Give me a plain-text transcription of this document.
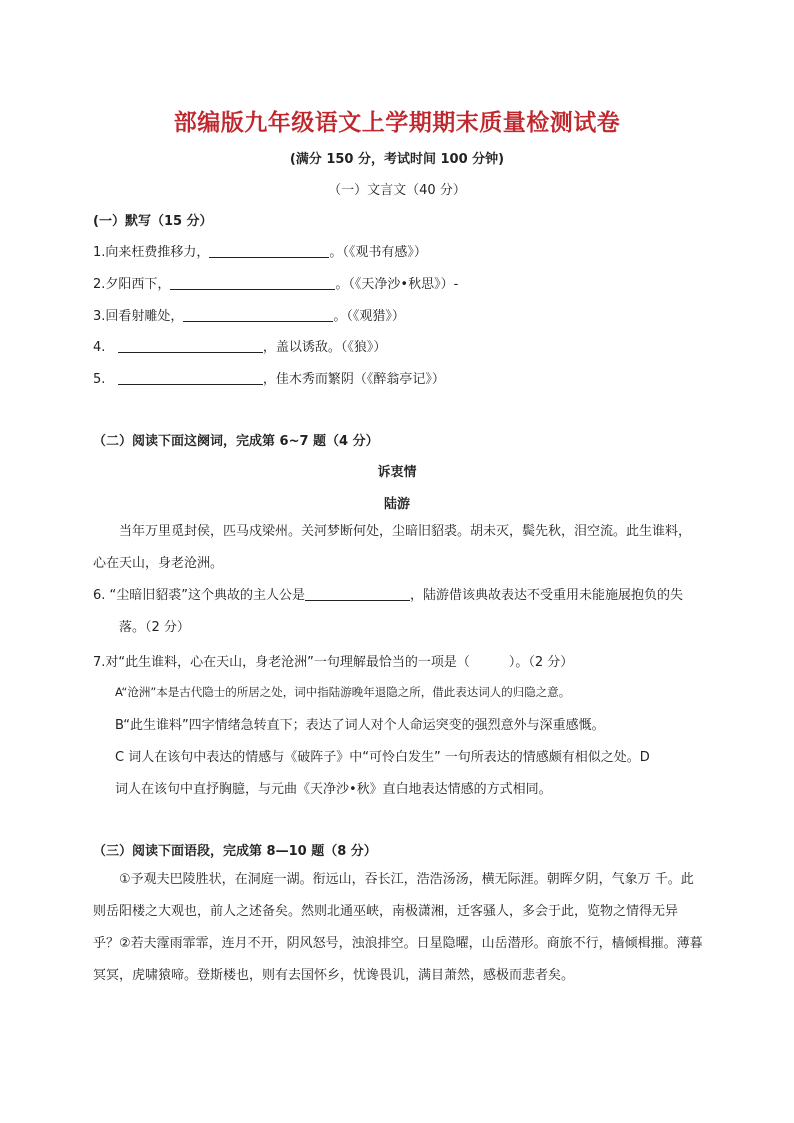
部编版九年级语文上学期期末质量检测试卷
(满分 150 分，考试时间 100 分钟)
（一）文言文（40 分）
(一）默写（15 分）
1.向来枉费推移力，	。（《观书有感》）
2.夕阳西下，	。（《天净沙•秋思》）-
3.回看射雕处，	。（《观猎》）
4.	，盖以诱敌。（《狼》）
5.	，佳木秀而繁阴（《醉翁亭记》）
（二）阅读下面这阕词，完成第 6~7 题（4 分）
诉衷情
陆游
当年万里觅封侯，匹马戍梁州。关河梦断何处，尘暗旧貂裘。胡未灭，鬓先秋，泪空流。此生谁料，心在天山，身老沧洲。
6. “尘暗旧貂裘”这个典故的主人公是	，陆游借该典故表达不受重用未能施展抱负的失落。（2 分）
7.对“此生谁料，心在天山，身老沧洲”一句理解最恰当的一项是（　　　）。（2 分）
A“沧洲”本是古代隐士的所居之处，词中指陆游晚年退隐之所，借此表达词人的归隐之意。
B“此生谁料”四字情绪急转直下；表达了词人对个人命运突变的强烈意外与深重感慨。
C 词人在该句中表达的情感与《破阵子》中“可怜白发生” 一句所表达的情感颇有相似之处。D
词人在该句中直抒胸臆，与元曲《天净沙•秋》直白地表达情感的方式相同。
（三）阅读下面语段，完成第 8—10 题（8 分）
①予观夫巴陵胜状，在洞庭一湖。衔远山，吞长江，浩浩汤汤，横无际涯。朝晖夕阴，气象万 千。此则岳阳楼之大观也，前人之述备矣。然则北通巫峡，南极潇湘，迁客骚人，多会于此，览物之情得无异乎？ ②若夫霪雨霏霏，连月不开，阴风怒号，浊浪排空。日星隐曜，山岳潜形。商旅不行，樯倾楫摧。薄暮冥冥，虎啸猿啼。登斯楼也，则有去国怀乡，忧谗畏讥，满目萧然，感极而悲者矣。
